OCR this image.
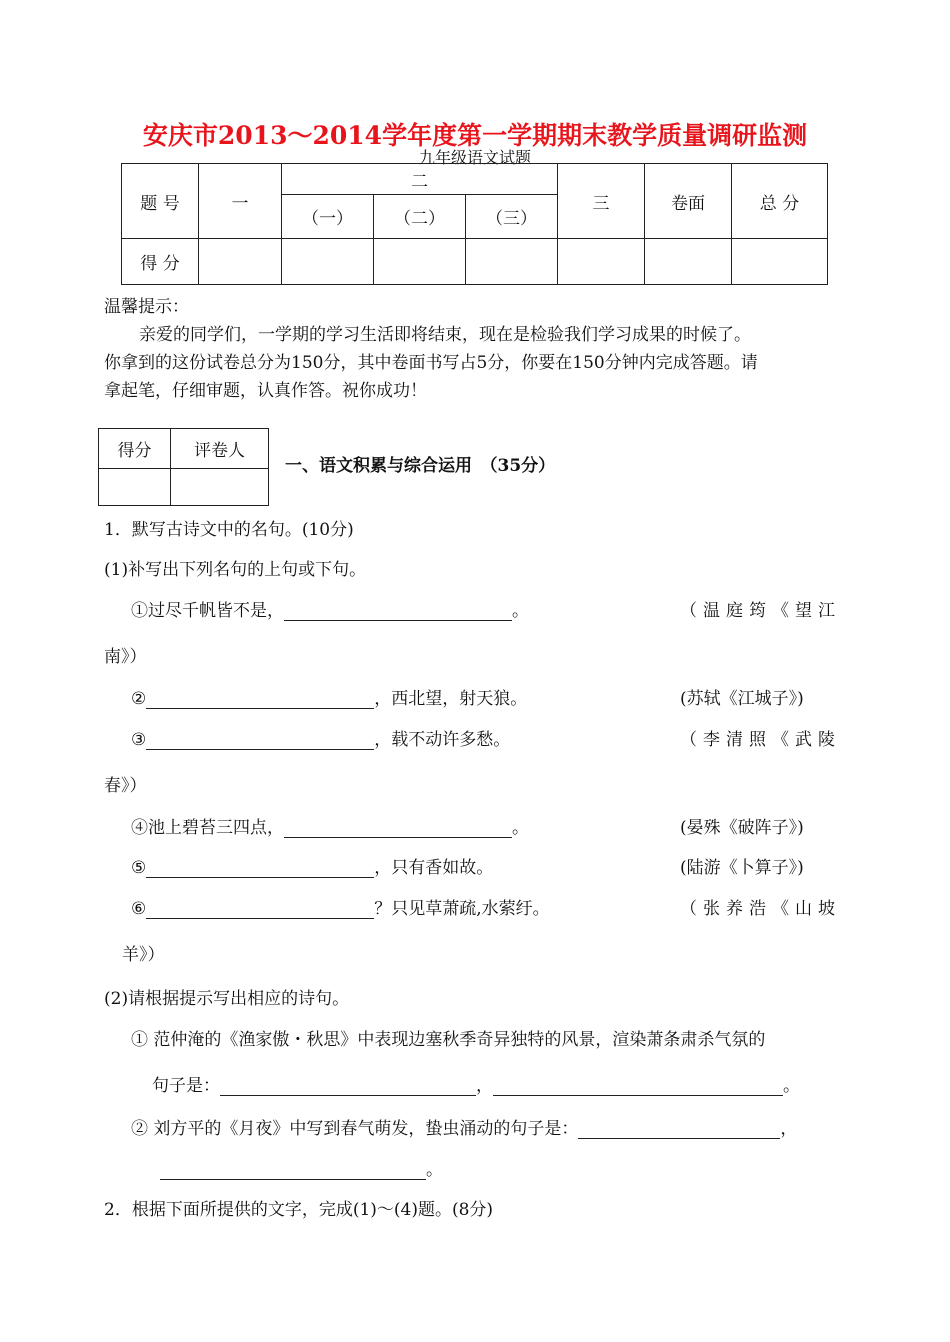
安庆市2013～2014学年度第一学期期末教学质量调研监测
九年级语文试题
题 号	一	二			三	卷面	总 分
		（一）	（二）	（三）			
得 分							
温馨提示：
亲爱的同学们，一学期的学习生活即将结束，现在是检验我们学习成果的时候了。
你拿到的这份试卷总分为150分，其中卷面书写占5分，你要在150分钟内完成答题。请
拿起笔，仔细审题，认真作答。祝你成功！
得分	评卷人

一、语文积累与综合运用　（35分）
1．默写古诗文中的名句。(10分)
(1)补写出下列名句的上句或下句。
①过尽千帆皆不是，	。	（温庭筠《望江
南》）
②	，西北望，射天狼。	(苏轼《江城子》)
③	，载不动许多愁。	（李清照《武陵
春》）
④池上碧苔三四点，	。	(晏殊《破阵子》)
⑤	，只有香如故。	(陆游《卜算子》)
⑥	？只见草萧疏,水萦纡。	（张养浩《山坡
羊》）
(2)请根据提示写出相应的诗句。
① 范仲淹的《渔家傲・秋思》中表现边塞秋季奇异独特的风景，渲染萧条肃杀气氛的
句子是：	，	。
② 刘方平的《月夜》中写到春气萌发，蛰虫涌动的句子是：	，
。
2．根据下面所提供的文字，完成(1)～(4)题。(8分)
